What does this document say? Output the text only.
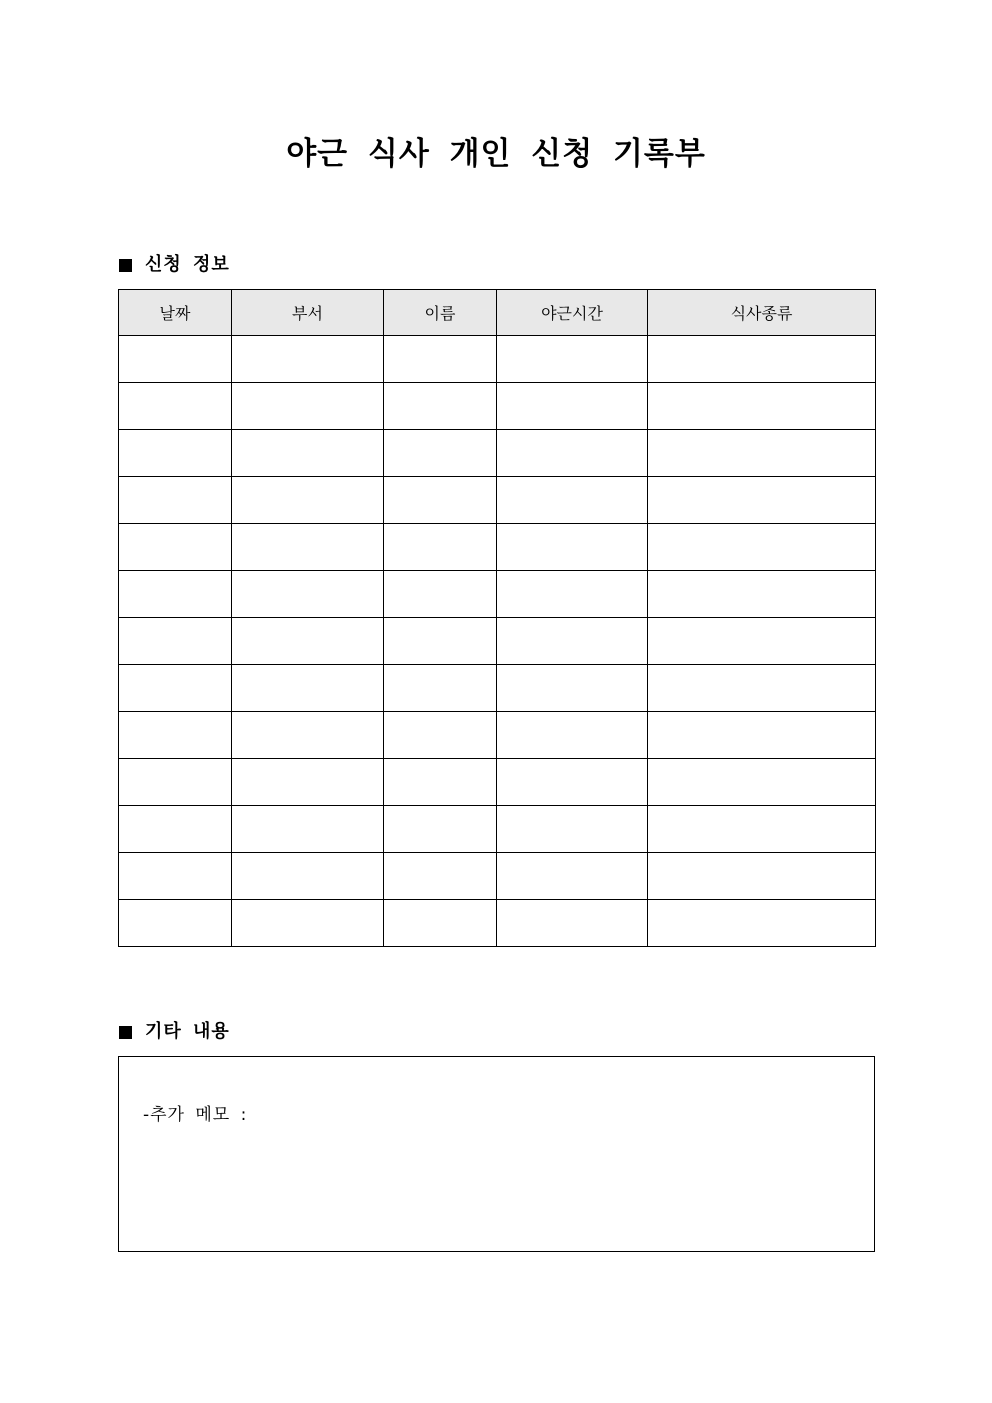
야근 식사 개인 신청 기록부
신청 정보
날짜	부서	이름	야근시간	식사종류

기타 내용
-추가 메모 :
